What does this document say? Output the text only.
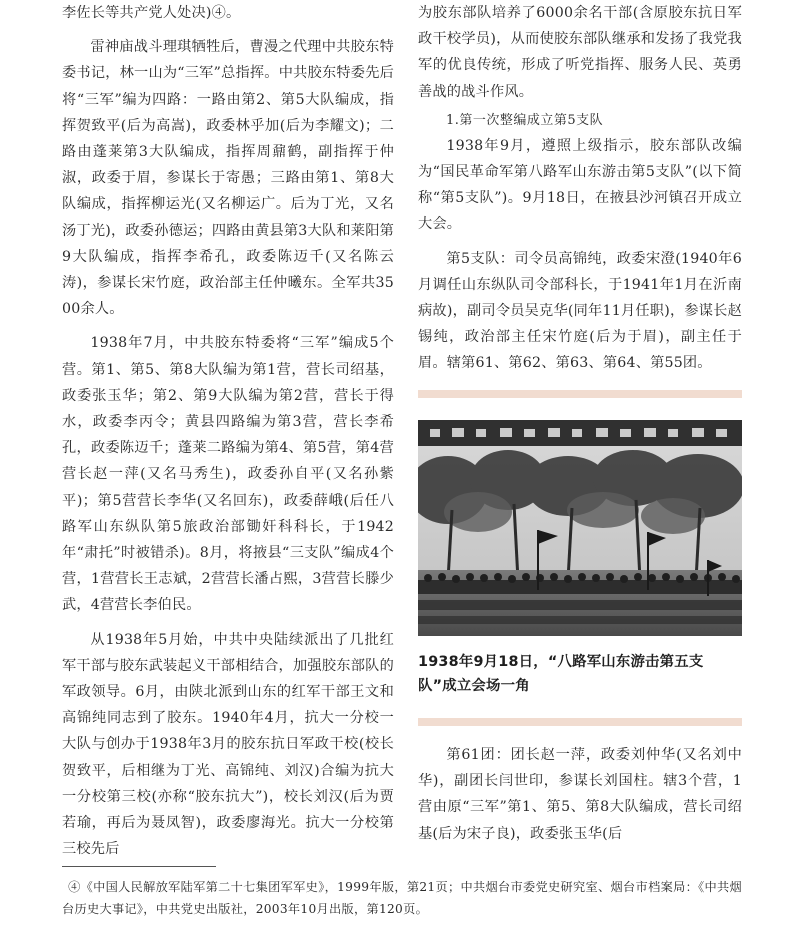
李佐长等共产党人处决)④。

雷神庙战斗理琪牺牲后，曹漫之代理中共胶东特委书记，林一山为“三军”总指挥。中共胶东特委先后将“三军”编为四路：一路由第2、第5大队编成，指挥贺致平(后为高嵩)，政委林乎加(后为李耀文)；二路由蓬莱第3大队编成，指挥周鼐鹤，副指挥于仲淑，政委于眉，参谋长于寄愚；三路由第1、第8大队编成，指挥柳运光(又名柳运广。后为丁光，又名汤丁光)，政委孙德运；四路由黄县第3大队和莱阳第9大队编成，指挥李希孔，政委陈迈千(又名陈云涛)，参谋长宋竹庭，政治部主任仲曦东。全军共3500余人。

1938年7月，中共胶东特委将“三军”编成5个营。第1、第5、第8大队编为第1营，营长司绍基，政委张玉华；第2、第9大队编为第2营，营长于得水，政委李丙令；黄县四路编为第3营，营长李希孔，政委陈迈千；蓬莱二路编为第4、第5营，第4营营长赵一萍(又名马秀生)，政委孙自平(又名孙紫平)；第5营营长李华(又名回东)，政委薛峨(后任八路军山东纵队第5旅政治部锄奸科科长，于1942年“肃托”时被错杀)。8月，将掖县“三支队”编成4个营，1营营长王志斌，2营营长潘占熙，3营营长滕少武，4营营长李伯民。

从1938年5月始，中共中央陆续派出了几批红军干部与胶东武装起义干部相结合，加强胶东部队的军政领导。6月，由陕北派到山东的红军干部王文和高锦纯同志到了胶东。1940年4月，抗大一分校一大队与创办于1938年3月的胶东抗日军政干校(校长贺致平，后相继为丁光、高锦纯、刘汉)合编为抗大一分校第三校(亦称“胶东抗大”)，校长刘汉(后为贾若瑜，再后为聂凤智)，政委廖海光。抗大一分校第三校先后

为胶东部队培养了6000余名干部(含原胶东抗日军政干校学员)，从而使胶东部队继承和发扬了我党我军的优良传统，形成了听党指挥、服务人民、英勇善战的战斗作风。

1.第一次整编成立第5支队

1938年9月，遵照上级指示，胶东部队改编为“国民革命军第八路军山东游击第5支队”(以下简称“第5支队”)。9月18日，在掖县沙河镇召开成立大会。

第5支队：司令员高锦纯，政委宋澄(1940年6月调任山东纵队司令部科长，于1941年1月在沂南病故)，副司令员吴克华(同年11月任职)，参谋长赵锡纯，政治部主任宋竹庭(后为于眉)，副主任于眉。辖第61、第62、第63、第64、第55团。

1938年9月18日，“八路军山东游击第五支队”成立会场一角

第61团：团长赵一萍，政委刘仲华(又名刘中华)，副团长闫世印，参谋长刘国柱。辖3个营，1营由原“三军”第1、第5、第8大队编成，营长司绍基(后为宋子良)，政委张玉华(后

④《中国人民解放军陆军第二十七集团军军史》，1999年版，第21页；中共烟台市委党史研究室、烟台市档案局：《中共烟台历史大事记》，中共党史出版社，2003年10月出版，第120页。
